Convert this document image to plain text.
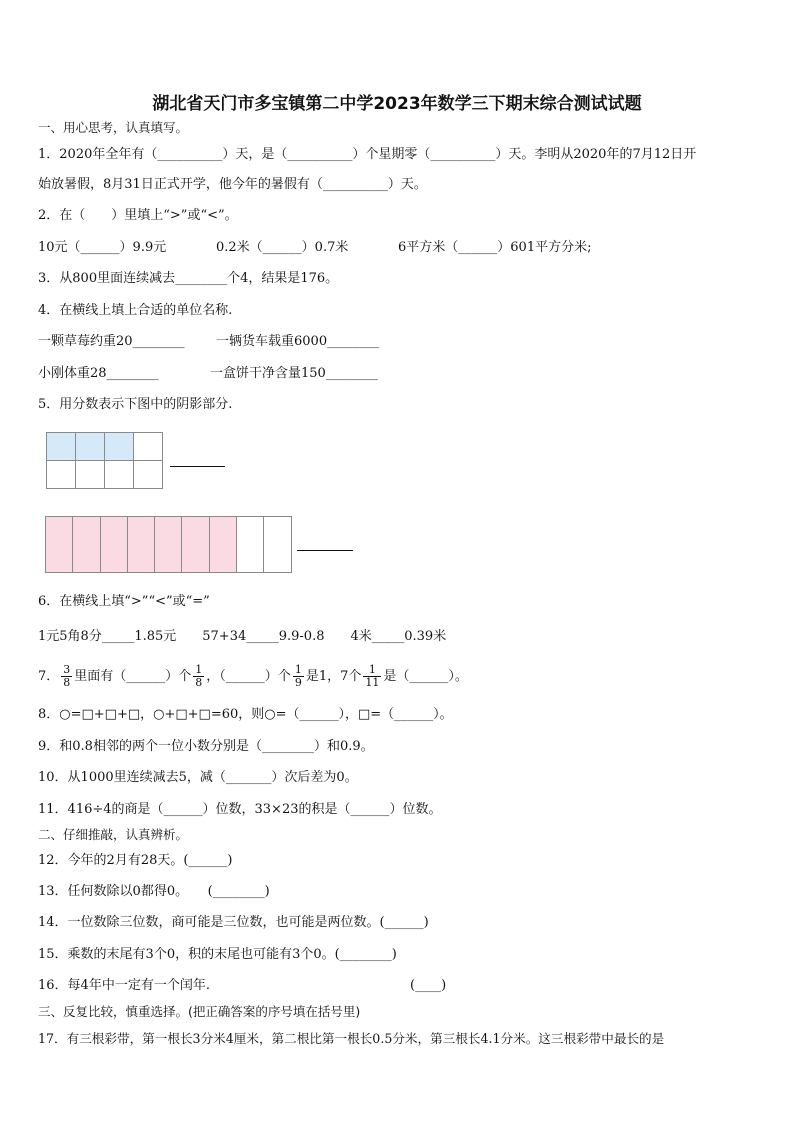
湖北省天门市多宝镇第二中学2023年数学三下期末综合测试试题
一、用心思考，认真填写。
1．2020年全年有（__________）天，是（__________）个星期零（__________）天。李明从2020年的7月12日开
始放暑假，8月31日正式开学，他今年的暑假有（__________）天。
2．在（　　）里填上“>”或“<”。
10元（______）9.9元	0.2米（______）0.7米	6平方米（______）601平方分米;
3．从800里面连续减去________个4，结果是176。
4．在横线上填上合适的单位名称.
一颗草莓约重20________ 一辆货车载重6000________
小刚体重28________	一盒饼干净含量150________
5．用分数表示下图中的阴影部分.
6．在横线上填“>”“<”或“=”
1元5角8分_____1.85元　　57+34_____9.9-0.8　　4米_____0.39米
7． $\frac{3}{8}$ 里面有（______）个 $\frac{1}{8}$ ，（______）个 $\frac{1}{9}$ 是1，7个 $\frac{1}{11}$ 是（______）。
8．○=□+□+□，○+□+□=60，则○=（______），□=（______）。
9．和0.8相邻的两个一位小数分别是（________）和0.9。
10．从1000里连续减去5，减（_______）次后差为0。
11．416÷4的商是（______）位数，33×23的积是（______）位数。
二、仔细推敲，认真辨析。
12．今年的2月有28天。(______)
13．任何数除以0都得0。　　(________)
14．一位数除三位数，商可能是三位数，也可能是两位数。(______)
15．乘数的末尾有3个0，积的末尾也可能有3个0。(________)
16．每4年中一定有一个闰年.	(____)
三、反复比较，慎重选择。(把正确答案的序号填在括号里)
17．有三根彩带，第一根长3分米4厘米，第二根比第一根长0.5分米，第三根长4.1分米。这三根彩带中最长的是
